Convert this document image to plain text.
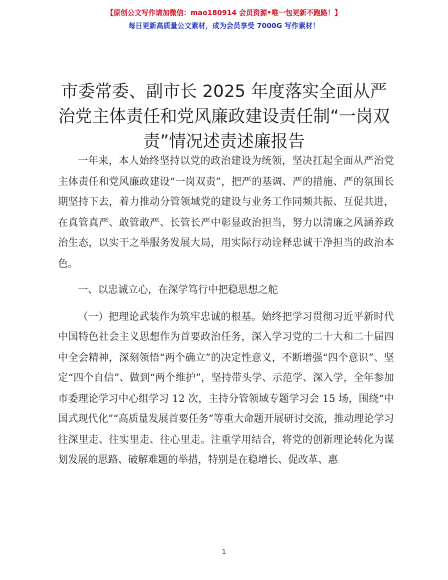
【原创公文写作请加微信：mao180914 会员资源•唯一包更新不跑路！】
每日更新高质量公文素材，成为会员享受 7000G 写作素材！
市委常委、副市长 2025 年度落实全面从严治党主体责任和党风廉政建设责任制“一岗双责”情况述责述廉报告

一年来，本人始终坚持以党的政治建设为统领，坚决扛起全面从严治党主体责任和党风廉政建设“一岗双责”，把严的基调、严的措施、严的氛围长期坚持下去，着力推动分管领域党的建设与业务工作同频共振、互促共进，在真管真严、敢管敢严、长管长严中彰显政治担当，努力以清廉之风涵养政治生态，以实干之举服务发展大局，用实际行动诠释忠诚干净担当的政治本色。

一、以忠诚立心，在深学笃行中把稳思想之舵

（一）把理论武装作为筑牢忠诚的根基。始终把学习贯彻习近平新时代中国特色社会主义思想作为首要政治任务，深入学习党的二十大和二十届四中全会精神，深刻领悟“两个确立”的决定性意义，不断增强“四个意识”、坚定“四个自信”、做到“两个维护”，坚持带头学、示范学、深入学，全年参加市委理论学习中心组学习 12 次，主持分管领域专题学习会 15 场，围绕“中国式现代化”“高质量发展首要任务”等重大命题开展研讨交流，推动理论学习往深里走、往实里走、往心里走。注重学用结合，将党的创新理论转化为谋划发展的思路、破解难题的举措，特别是在稳增长、促改革、惠

1
